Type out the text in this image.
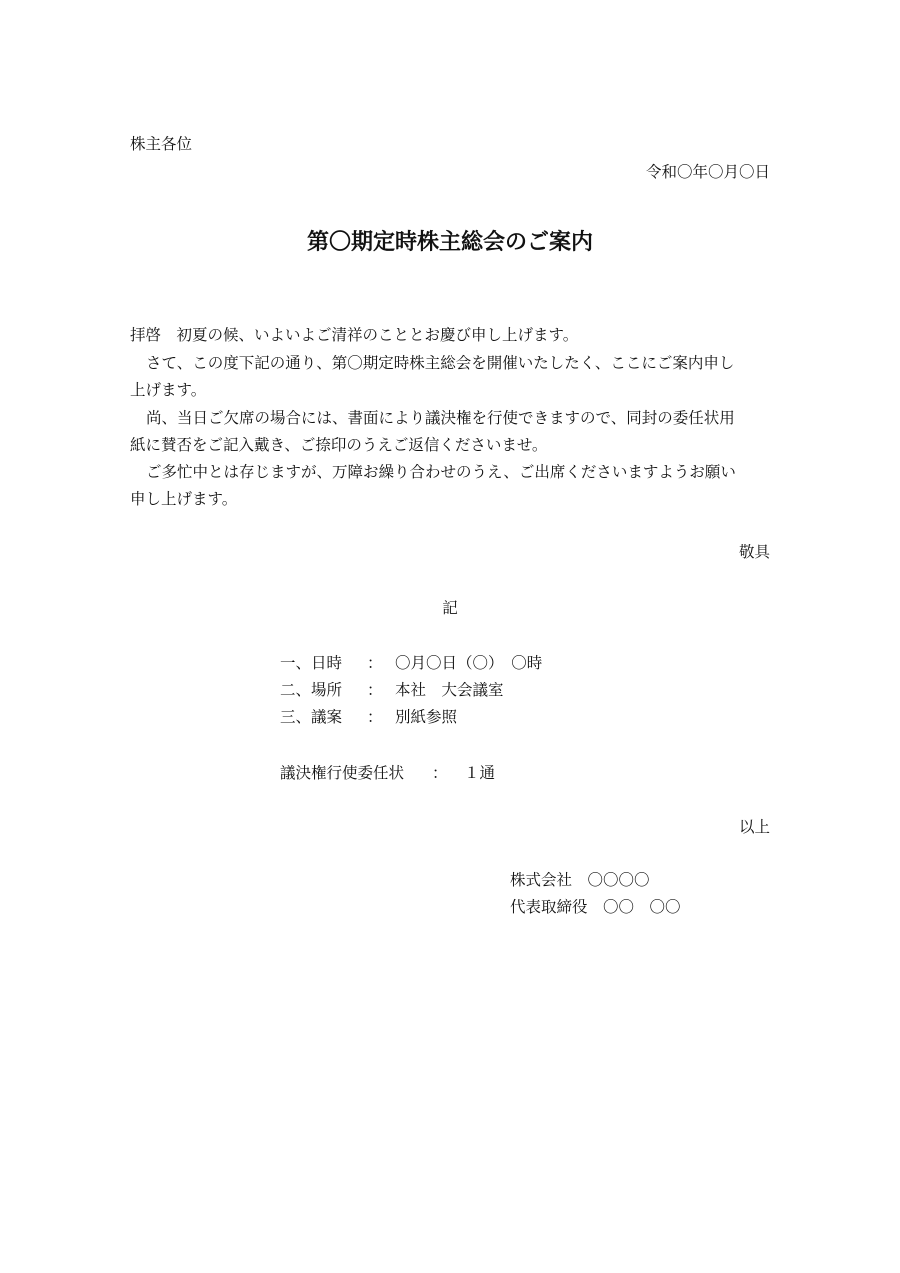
株主各位
令和〇年〇月〇日
第〇期定時株主総会のご案内
拝啓　初夏の候、いよいよご清祥のこととお慶び申し上げます。
さて、この度下記の通り、第〇期定時株主総会を開催いたしたく、ここにご案内申し
上げます。
尚、当日ご欠席の場合には、書面により議決権を行使できますので、同封の委任状用
紙に賛否をご記入戴き、ご捺印のうえご返信くださいませ。
ご多忙中とは存じますが、万障お繰り合わせのうえ、ご出席くださいますようお願い
申し上げます。
敬具
記
一、日時 ： 〇月〇日（〇）　〇時
二、場所 ： 本社　大会議室
三、議案 ： 別紙参照
議決権行使委任状 ： １通
以上
株式会社　〇〇〇〇
代表取締役　〇〇　〇〇
